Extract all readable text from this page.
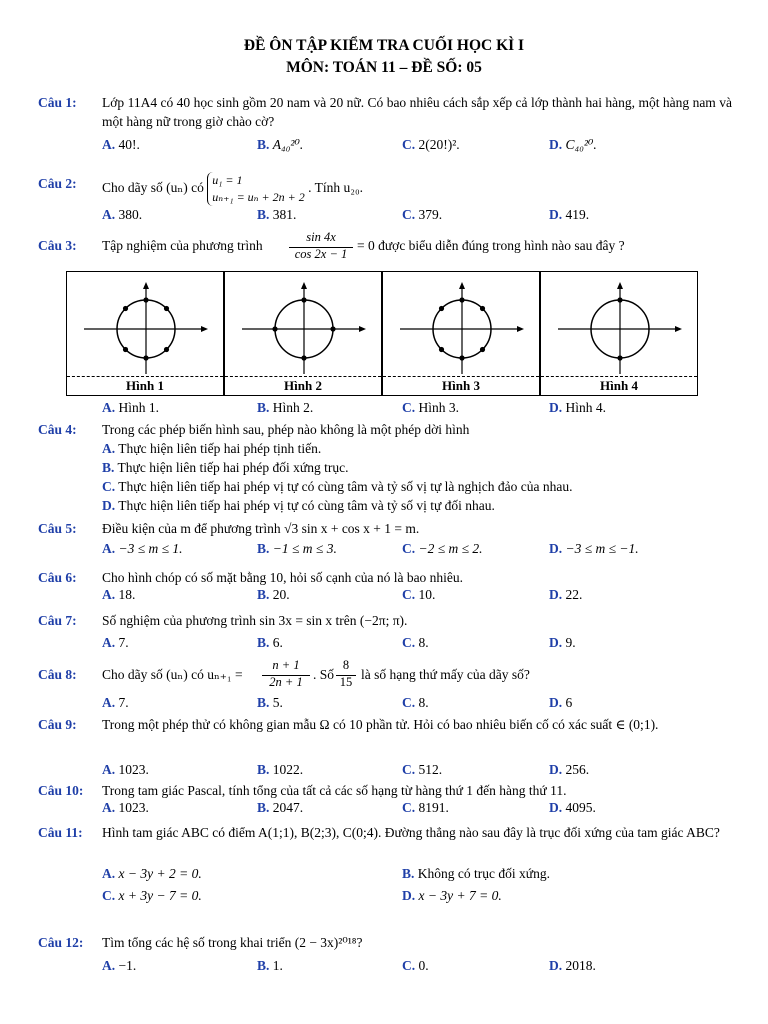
ĐỀ ÔN TẬP KIỂM TRA CUỐI HỌC KÌ I
MÔN: TOÁN 11 – ĐỀ SỐ: 05
Câu 1: Lớp 11A4 có 40 học sinh gồm 20 nam và 20 nữ. Có bao nhiêu cách sắp xếp cả lớp thành hai hàng, một hàng nam và một hàng nữ trong giờ chào cờ?
A. 40!.	B. A₄₀²⁰.	C. 2(20!)².	D. C₄₀²⁰.
Câu 2: Cho dãy số (uₙ) có u₁ = 1
uₙ₊₁ = uₙ + 2n + 2 . Tính u₂₀.
A. 380.	B. 381.	C. 379.	D. 419.
Câu 3: Tập nghiệm của phương trình
sin 4x
cos 2x − 1
= 0 được biểu diễn đúng trong hình nào sau đây ?
Hình 1	Hình 2	Hình 3	Hình 4
A. Hình 1.	B. Hình 2.	C. Hình 3.	D. Hình 4.
Câu 4: Trong các phép biến hình sau, phép nào không là một phép dời hình
A. Thực hiện liên tiếp hai phép tịnh tiến.
B. Thực hiện liên tiếp hai phép đối xứng trục.
C. Thực hiện liên tiếp hai phép vị tự có cùng tâm và tỷ số vị tự là nghịch đảo của nhau.
D. Thực hiện liên tiếp hai phép vị tự có cùng tâm và tỷ số vị tự đối nhau.
Câu 5: Điều kiện của m để phương trình √3 sin x + cos x + 1 = m.
A. −3 ≤ m ≤ 1.	B. −1 ≤ m ≤ 3.	C. −2 ≤ m ≤ 2.	D. −3 ≤ m ≤ −1.
Câu 6: Cho hình chóp có số mặt bằng 10, hỏi số cạnh của nó là bao nhiêu.
A. 18.	B. 20.	C. 10.	D. 22.
Câu 7: Số nghiệm của phương trình sin 3x = sin x trên (−2π; π).
A. 7.	B. 6.	C. 8.	D. 9.
Câu 8: Cho dãy số (uₙ) có uₙ₊₁ =
n + 1
2n + 1 . Số
8
15 là số hạng thứ mấy của dãy số?
A. 7.	B. 5.	C. 8.	D. 6
Câu 9: Trong một phép thử có không gian mẫu Ω có 10 phần tử. Hỏi có bao nhiêu biến cố có xác suất ∈ (0;1).
A. 1023.	B. 1022.	C. 512.	D. 256.
Câu 10: Trong tam giác Pascal, tính tổng của tất cả các số hạng từ hàng thứ 1 đến hàng thứ 11.
A. 1023.	B. 2047.	C. 8191.	D. 4095.
Câu 11: Hình tam giác ABC có điểm A(1;1), B(2;3), C(0;4). Đường thẳng nào sau đây là trục đối xứng của tam giác ABC?
A. x − 3y + 2 = 0.	B. Không có trục đối xứng.
C. x + 3y − 7 = 0.	D. x − 3y + 7 = 0.
Câu 12: Tìm tổng các hệ số trong khai triển (2 − 3x)²⁰¹⁸?
A. −1.	B. 1.	C. 0.	D. 2018.
